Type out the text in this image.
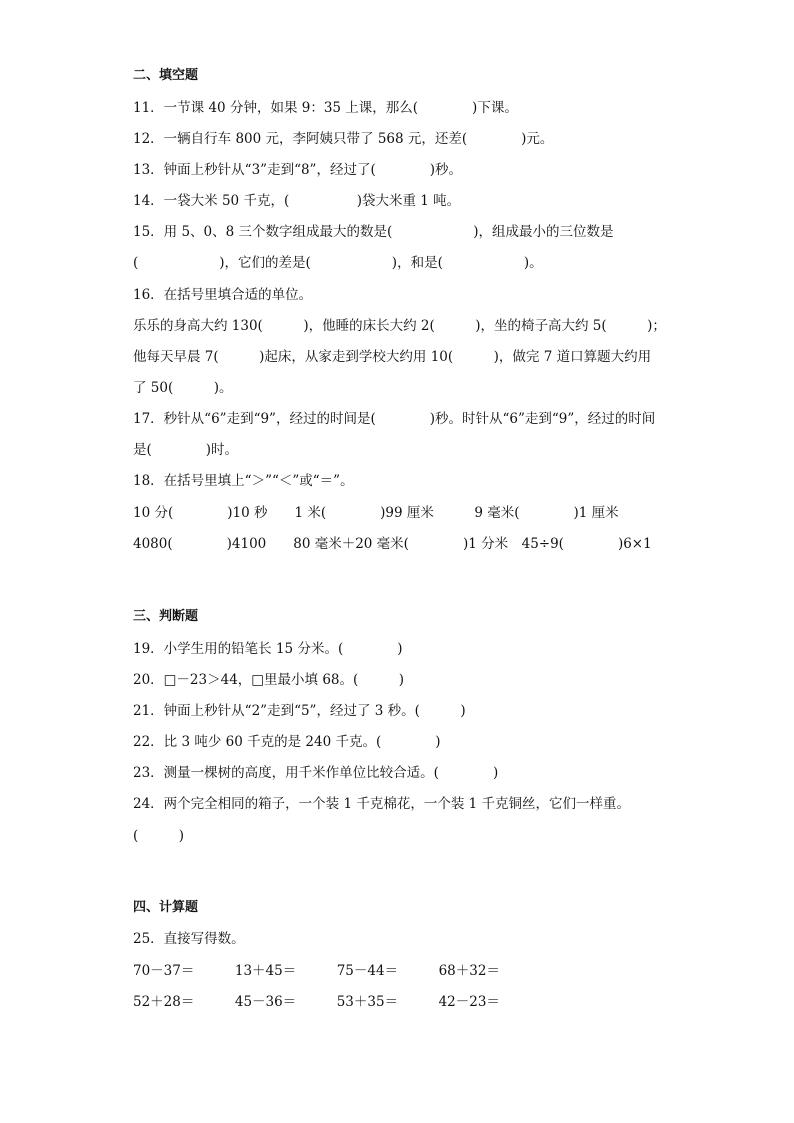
二、填空题
11．一节课 40 分钟，如果 9：35 上课，那么(　　　　)下课。
12．一辆自行车 800 元，李阿姨只带了 568 元，还差(　　　　)元。
13．钟面上秒针从“3”走到“8”，经过了(　　　　)秒。
14．一袋大米 50 千克，(　　　　　)袋大米重 1 吨。
15．用 5、0、8 三个数字组成最大的数是(　　　　　　)，组成最小的三位数是
(　　　　　　)，它们的差是(　　　　　　)，和是(　　　　　　)。
16．在括号里填合适的单位。
乐乐的身高大约 130(　　　)，他睡的床长大约 2(　　　)，坐的椅子高大约 5(　　　)；
他每天早晨 7(　　　)起床，从家走到学校大约用 10(　　　)，做完 7 道口算题大约用
了 50(　　　)。
17．秒针从“6”走到“9”，经过的时间是(　　　　)秒。时针从“6”走到“9”，经过的时间
是(　　　　)时。
18．在括号里填上“＞”“＜”或“＝”。
10 分(　　　　)10 秒　　1 米(　　　　)99 厘米　　　9 毫米(　　　　)1 厘米
4080(　　　　)4100　　80 毫米＋20 毫米(　　　　)1 分米　45÷9(　　　　)6×1
三、判断题
19．小学生用的铅笔长 15 分米。(　　　　)
20．□－23＞44，□里最小填 68。(　　　)
21．钟面上秒针从“2”走到“5”，经过了 3 秒。(　　　)
22．比 3 吨少 60 千克的是 240 千克。(　　　　)
23．测量一棵树的高度，用千米作单位比较合适。(　　　　)
24．两个完全相同的箱子，一个装 1 千克棉花，一个装 1 千克铜丝，它们一样重。
(　　　)
四、计算题
25．直接写得数。
70－37＝　　　13＋45＝　　　75－44＝　　　68＋32＝
52＋28＝　　　45－36＝　　　53＋35＝　　　42－23＝
